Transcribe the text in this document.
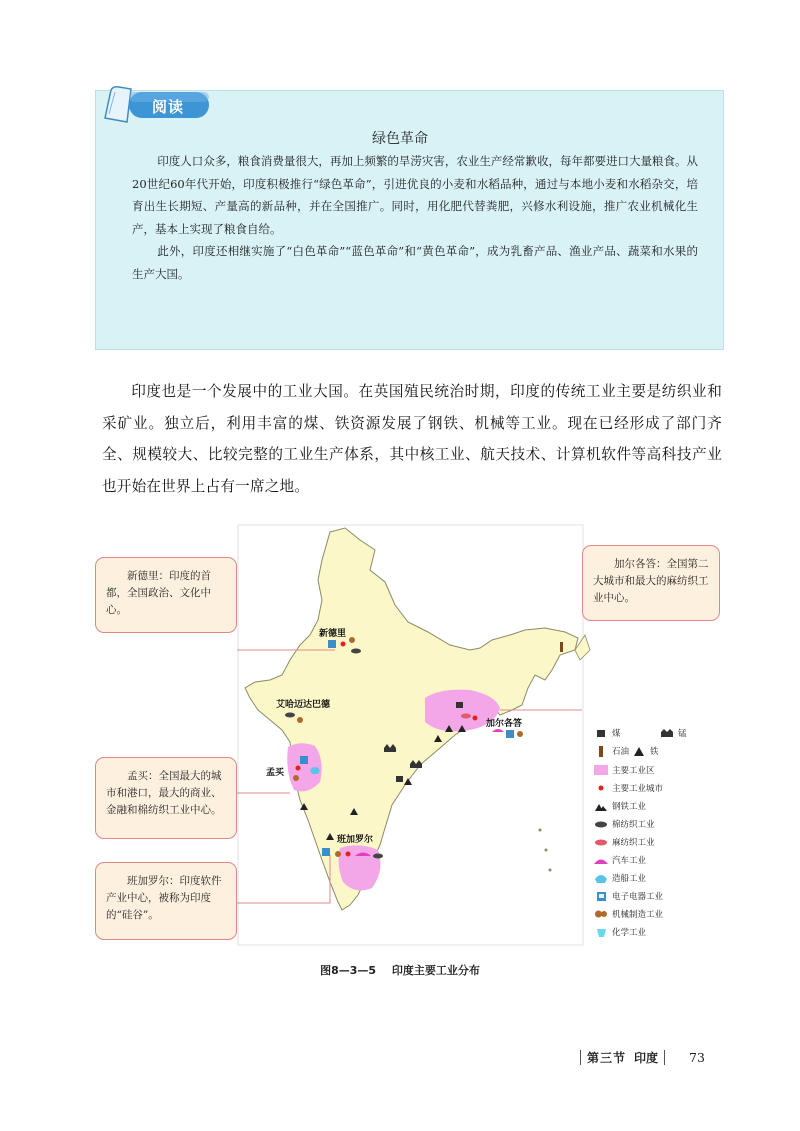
阅读
绿色革命

印度人口众多，粮食消费量很大，再加上频繁的旱涝灾害，农业生产经常歉收，每年都要进口大量粮食。从20世纪60年代开始，印度积极推行“绿色革命”，引进优良的小麦和水稻品种，通过与本地小麦和水稻杂交，培育出生长期短、产量高的新品种，并在全国推广。同时，用化肥代替粪肥，兴修水利设施，推广农业机械化生产，基本上实现了粮食自给。

此外，印度还相继实施了“白色革命”“蓝色革命”和“黄色革命”，成为乳畜产品、渔业产品、蔬菜和水果的生产大国。

印度也是一个发展中的工业大国。在英国殖民统治时期，印度的传统工业主要是纺织业和采矿业。独立后，利用丰富的煤、铁资源发展了钢铁、机械等工业。现在已经形成了部门齐全、规模较大、比较完整的工业生产体系，其中核工业、航天技术、计算机软件等高科技产业也开始在世界上占有一席之地。

新德里
艾哈迈达巴德
加尔各答
孟买
班加罗尔
新德里：印度的首都，全国政治、文化中心。
加尔各答：全国第二大城市和最大的麻纺织工业中心。
孟买：全国最大的城市和港口，最大的商业、金融和棉纺织工业中心。
班加罗尔：印度软件产业中心，被称为印度的“硅谷”。
煤	锰
石油 铁
主要工业区
主要工业城市
钢铁工业
棉纺织工业
麻纺织工业
汽车工业
造船工业
电子电器工业
机械制造工业
化学工业
图8—3—5 印度主要工业分布
第三节 印度 73
